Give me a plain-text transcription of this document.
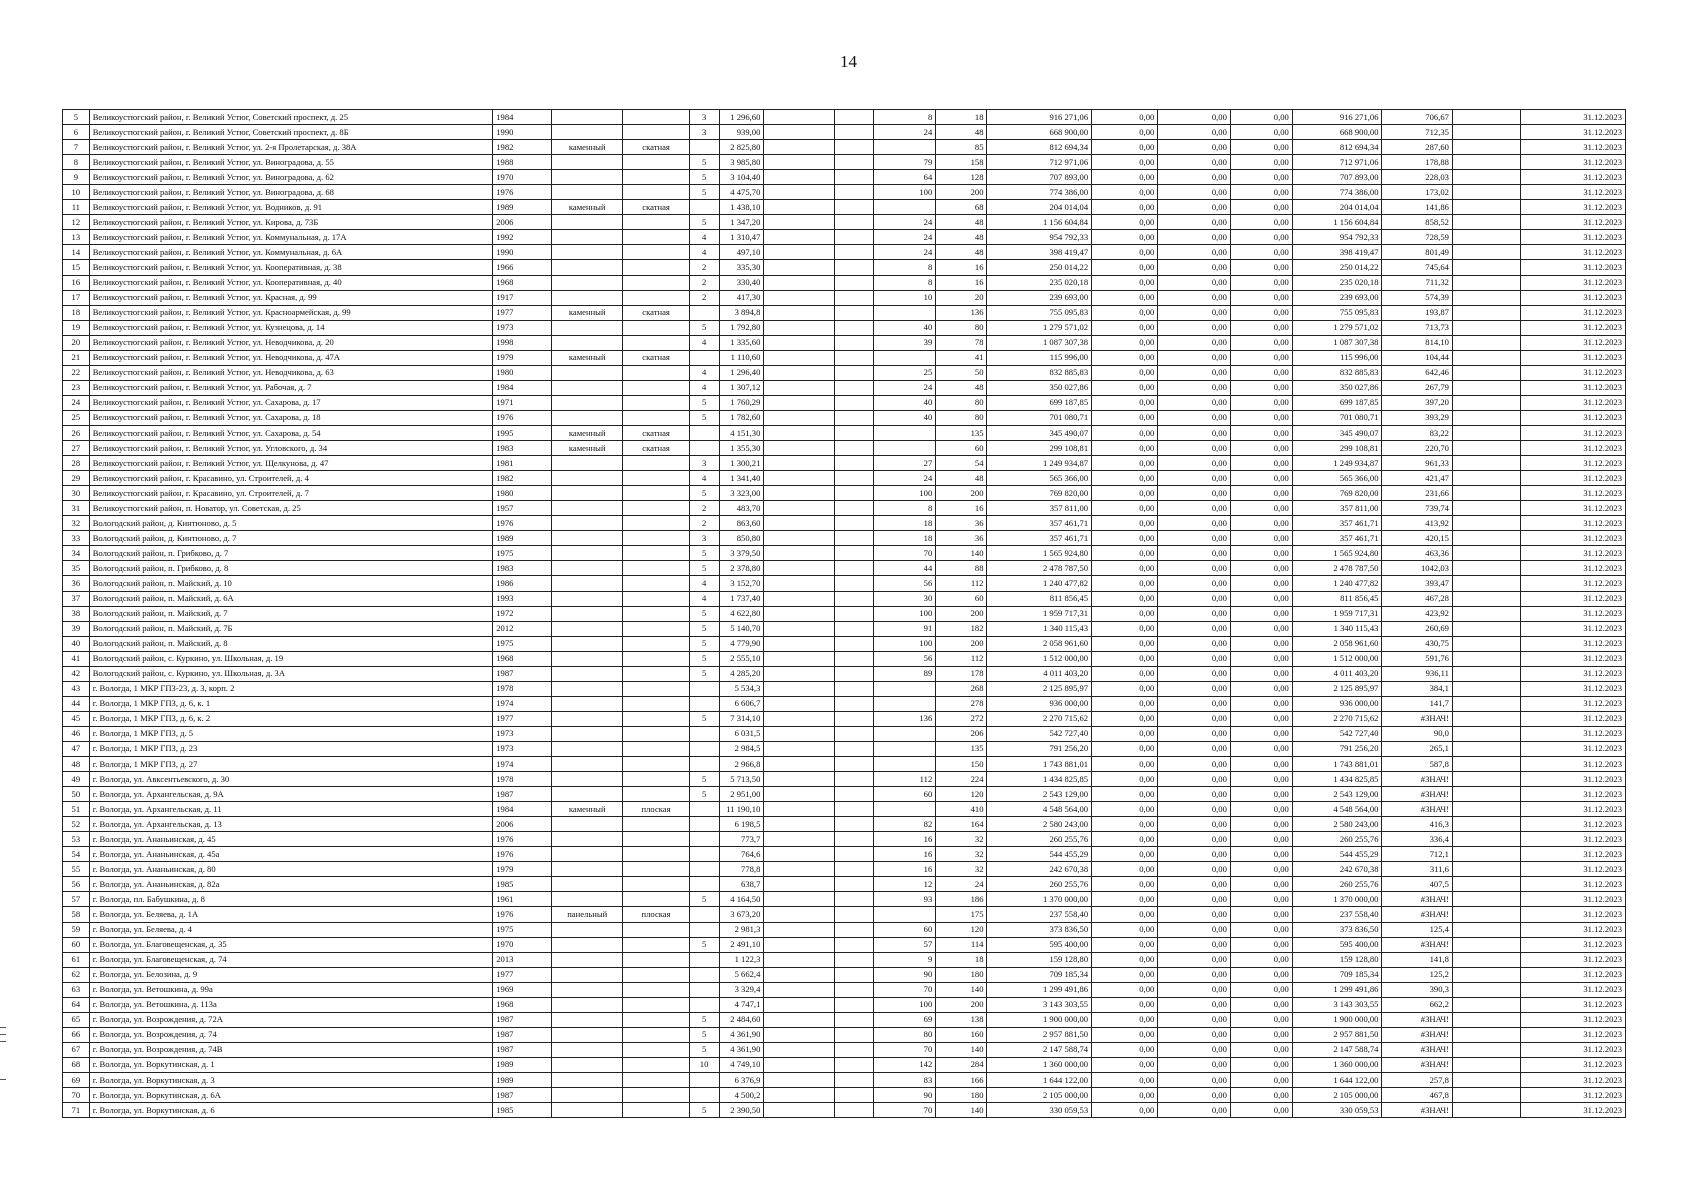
14
5	Великоустюгский район, г. Великий Устюг, Советский проспект, д. 25	1984			3	1 296,60			8	18	916 271,06	0,00	0,00	0,00	916 271,06	706,67		31.12.2023
6	Великоустюгский район, г. Великий Устюг, Советский проспект, д. 8Б	1990			3	939,00			24	48	668 900,00	0,00	0,00	0,00	668 900,00	712,35		31.12.2023
7	Великоустюгский район, г. Великий Устюг, ул. 2-я Пролетарская, д. 38А	1982	каменный	скатная		2 825,80				85	812 694,34	0,00	0,00	0,00	812 694,34	287,60		31.12.2023
8	Великоустюгский район, г. Великий Устюг, ул. Виноградова, д. 55	1988			5	3 985,80			79	158	712 971,06	0,00	0,00	0,00	712 971,06	178,88		31.12.2023
9	Великоустюгский район, г. Великий Устюг, ул. Виноградова, д. 62	1970			5	3 104,40			64	128	707 893,00	0,00	0,00	0,00	707 893,00	228,03		31.12.2023
10	Великоустюгский район, г. Великий Устюг, ул. Виноградова, д. 68	1976			5	4 475,70			100	200	774 386,00	0,00	0,00	0,00	774 386,00	173,02		31.12.2023
11	Великоустюгский район, г. Великий Устюг, ул. Водников, д. 91	1989	каменный	скатная		1 438,10				68	204 014,04	0,00	0,00	0,00	204 014,04	141,86		31.12.2023
12	Великоустюгский район, г. Великий Устюг, ул. Кирова, д. 73Б	2006			5	1 347,20			24	48	1 156 604,84	0,00	0,00	0,00	1 156 604,84	858,52		31.12.2023
13	Великоустюгский район, г. Великий Устюг, ул. Коммунальная, д. 17А	1992			4	1 310,47			24	48	954 792,33	0,00	0,00	0,00	954 792,33	728,59		31.12.2023
14	Великоустюгский район, г. Великий Устюг, ул. Коммунальная, д. 6А	1990			4	497,10			24	48	398 419,47	0,00	0,00	0,00	398 419,47	801,49		31.12.2023
15	Великоустюгский район, г. Великий Устюг, ул. Кооперативная, д. 38	1966			2	335,30			8	16	250 014,22	0,00	0,00	0,00	250 014,22	745,64		31.12.2023
16	Великоустюгский район, г. Великий Устюг, ул. Кооперативная, д. 40	1968			2	330,40			8	16	235 020,18	0,00	0,00	0,00	235 020,18	711,32		31.12.2023
17	Великоустюгский район, г. Великий Устюг, ул. Красная, д. 99	1917			2	417,30			10	20	239 693,00	0,00	0,00	0,00	239 693,00	574,39		31.12.2023
18	Великоустюгский район, г. Великий Устюг, ул. Красноармейская, д. 99	1977	каменный	скатная		3 894,8				136	755 095,83	0,00	0,00	0,00	755 095,83	193,87		31.12.2023
19	Великоустюгский район, г. Великий Устюг, ул. Кузнецова, д. 14	1973			5	1 792,80			40	80	1 279 571,02	0,00	0,00	0,00	1 279 571,02	713,73		31.12.2023
20	Великоустюгский район, г. Великий Устюг, ул. Неводчикова, д. 20	1998			4	1 335,60			39	78	1 087 307,38	0,00	0,00	0,00	1 087 307,38	814,10		31.12.2023
21	Великоустюгский район, г. Великий Устюг, ул. Неводчикова, д. 47А	1979	каменный	скатная		1 110,60				41	115 996,00	0,00	0,00	0,00	115 996,00	104,44		31.12.2023
22	Великоустюгский район, г. Великий Устюг, ул. Неводчикова, д. 63	1980			4	1 296,40			25	50	832 885,83	0,00	0,00	0,00	832 885,83	642,46		31.12.2023
23	Великоустюгский район, г. Великий Устюг, ул. Рабочая, д. 7	1984			4	1 307,12			24	48	350 027,86	0,00	0,00	0,00	350 027,86	267,79		31.12.2023
24	Великоустюгский район, г. Великий Устюг, ул. Сахарова, д. 17	1971			5	1 760,29			40	80	699 187,85	0,00	0,00	0,00	699 187,85	397,20		31.12.2023
25	Великоустюгский район, г. Великий Устюг, ул. Сахарова, д. 18	1976			5	1 782,60			40	80	701 080,71	0,00	0,00	0,00	701 080,71	393,29		31.12.2023
26	Великоустюгский район, г. Великий Устюг, ул. Сахарова, д. 54	1995	каменный	скатная		4 151,30				135	345 490,07	0,00	0,00	0,00	345 490,07	83,22		31.12.2023
27	Великоустюгский район, г. Великий Устюг, ул. Угловского, д. 34	1983	каменный	скатная		1 355,30				60	299 108,81	0,00	0,00	0,00	299 108,81	220,70		31.12.2023
28	Великоустюгский район, г. Великий Устюг, ул. Щелкунова, д. 47	1981			3	1 300,21			27	54	1 249 934,87	0,00	0,00	0,00	1 249 934,87	961,33		31.12.2023
29	Великоустюгский район, г. Красавино, ул. Строителей, д. 4	1982			4	1 341,40			24	48	565 366,00	0,00	0,00	0,00	565 366,00	421,47		31.12.2023
30	Великоустюгский район, г. Красавино, ул. Строителей, д. 7	1980			5	3 323,00			100	200	769 820,00	0,00	0,00	0,00	769 820,00	231,66		31.12.2023
31	Великоустюгский район, п. Новатор, ул. Советская, д. 25	1957			2	483,70			8	16	357 811,00	0,00	0,00	0,00	357 811,00	739,74		31.12.2023
32	Вологодский район, д. Кинтюново, д. 5	1976			2	863,60			18	36	357 461,71	0,00	0,00	0,00	357 461,71	413,92		31.12.2023
33	Вологодский район, д. Кинтюново, д. 7	1989			3	850,80			18	36	357 461,71	0,00	0,00	0,00	357 461,71	420,15		31.12.2023
34	Вологодский район, п. Грибково, д. 7	1975			5	3 379,50			70	140	1 565 924,80	0,00	0,00	0,00	1 565 924,80	463,36		31.12.2023
35	Вологодский район, п. Грибково, д. 8	1983			5	2 378,80			44	88	2 478 787,50	0,00	0,00	0,00	2 478 787,50	1042,03		31.12.2023
36	Вологодский район, п. Майский, д. 10	1986			4	3 152,70			56	112	1 240 477,82	0,00	0,00	0,00	1 240 477,82	393,47		31.12.2023
37	Вологодский район, п. Майский, д. 6А	1993			4	1 737,40			30	60	811 856,45	0,00	0,00	0,00	811 856,45	467,28		31.12.2023
38	Вологодский район, п. Майский, д. 7	1972			5	4 622,80			100	200	1 959 717,31	0,00	0,00	0,00	1 959 717,31	423,92		31.12.2023
39	Вологодский район, п. Майский, д. 7Б	2012			5	5 140,70			91	182	1 340 115,43	0,00	0,00	0,00	1 340 115,43	260,69		31.12.2023
40	Вологодский район, п. Майский, д. 8	1975			5	4 779,90			100	200	2 058 961,60	0,00	0,00	0,00	2 058 961,60	430,75		31.12.2023
41	Вологодский район, с. Куркино, ул. Школьная, д. 19	1968			5	2 555,10			56	112	1 512 000,00	0,00	0,00	0,00	1 512 000,00	591,76		31.12.2023
42	Вологодский район, с. Куркино, ул. Школьная, д. 3А	1987			5	4 285,20			89	178	4 011 403,20	0,00	0,00	0,00	4 011 403,20	936,11		31.12.2023
43	г. Вологда, 1 МКР ГПЗ-23, д. 3, корп. 2	1978				5 534,3				268	2 125 895,97	0,00	0,00	0,00	2 125 895,97	384,1		31.12.2023
44	г. Вологда, 1 МКР ГПЗ, д. 6, к. 1	1974				6 606,7				278	936 000,00	0,00	0,00	0,00	936 000,00	141,7		31.12.2023
45	г. Вологда, 1 МКР ГПЗ, д. 6, к. 2	1977			5	7 314,10			136	272	2 270 715,62	0,00	0,00	0,00	2 270 715,62	#ЗНАЧ!		31.12.2023
46	г. Вологда, 1 МКР ГПЗ, д. 5	1973				6 031,5				206	542 727,40	0,00	0,00	0,00	542 727,40	90,0		31.12.2023
47	г. Вологда, 1 МКР ГПЗ, д. 23	1973				2 984,5				135	791 256,20	0,00	0,00	0,00	791 256,20	265,1		31.12.2023
48	г. Вологда, 1 МКР ГПЗ, д. 27	1974				2 966,8				150	1 743 881,01	0,00	0,00	0,00	1 743 881,01	587,8		31.12.2023
49	г. Вологда, ул. Авксентьевского, д. 30	1978			5	5 713,50			112	224	1 434 825,85	0,00	0,00	0,00	1 434 825,85	#ЗНАЧ!		31.12.2023
50	г. Вологда, ул. Архангельская, д. 9А	1987			5	2 951,00			60	120	2 543 129,00	0,00	0,00	0,00	2 543 129,00	#ЗНАЧ!		31.12.2023
51	г. Вологда, ул. Архангельская, д. 11	1984	каменный	плоская		11 190,10				410	4 548 564,00	0,00	0,00	0,00	4 548 564,00	#ЗНАЧ!		31.12.2023
52	г. Вологда, ул. Архангельская, д. 13	2006				6 198,5			82	164	2 580 243,00	0,00	0,00	0,00	2 580 243,00	416,3		31.12.2023
53	г. Вологда, ул. Ананьинская, д. 45	1976				773,7			16	32	260 255,76	0,00	0,00	0,00	260 255,76	336,4		31.12.2023
54	г. Вологда, ул. Ананьинская, д. 45а	1976				764,6			16	32	544 455,29	0,00	0,00	0,00	544 455,29	712,1		31.12.2023
55	г. Вологда, ул. Ананьинская, д. 80	1979				778,8			16	32	242 670,38	0,00	0,00	0,00	242 670,38	311,6		31.12.2023
56	г. Вологда, ул. Ананьинская, д. 82а	1985				638,7			12	24	260 255,76	0,00	0,00	0,00	260 255,76	407,5		31.12.2023
57	г. Вологда, пл. Бабушкина, д. 8	1961			5	4 164,50			93	186	1 370 000,00	0,00	0,00	0,00	1 370 000,00	#ЗНАЧ!		31.12.2023
58	г. Вологда, ул. Беляева, д. 1А	1976	панельный	плоская		3 673,20				175	237 558,40	0,00	0,00	0,00	237 558,40	#ЗНАЧ!		31.12.2023
59	г. Вологда, ул. Беляева, д. 4	1975				2 981,3			60	120	373 836,50	0,00	0,00	0,00	373 836,50	125,4		31.12.2023
60	г. Вологда, ул. Благовещенская, д. 35	1970			5	2 491,10			57	114	595 400,00	0,00	0,00	0,00	595 400,00	#ЗНАЧ!		31.12.2023
61	г. Вологда, ул. Благовещенская, д. 74	2013				1 122,3			9	18	159 128,80	0,00	0,00	0,00	159 128,80	141,8		31.12.2023
62	г. Вологда, ул. Белозина, д. 9	1977				5 662,4			90	180	709 185,34	0,00	0,00	0,00	709 185,34	125,2		31.12.2023
63	г. Вологда, ул. Ветошкина, д. 99а	1969				3 329,4			70	140	1 299 491,86	0,00	0,00	0,00	1 299 491,86	390,3		31.12.2023
64	г. Вологда, ул. Ветошкина, д. 113а	1968				4 747,1			100	200	3 143 303,55	0,00	0,00	0,00	3 143 303,55	662,2		31.12.2023
65	г. Вологда, ул. Возрождения, д. 72А	1987			5	2 484,60			69	138	1 900 000,00	0,00	0,00	0,00	1 900 000,00	#ЗНАЧ!		31.12.2023
66	г. Вологда, ул. Возрождения, д. 74	1987			5	4 361,90			80	160	2 957 881,50	0,00	0,00	0,00	2 957 881,50	#ЗНАЧ!		31.12.2023
67	г. Вологда, ул. Возрождения, д. 74В	1987			5	4 361,90			70	140	2 147 588,74	0,00	0,00	0,00	2 147 588,74	#ЗНАЧ!		31.12.2023
68	г. Вологда, ул. Воркутинская, д. 1	1989			10	4 749,10			142	284	1 360 000,00	0,00	0,00	0,00	1 360 000,00	#ЗНАЧ!		31.12.2023
69	г. Вологда, ул. Воркутинская, д. 3	1989				6 376,9			83	166	1 644 122,00	0,00	0,00	0,00	1 644 122,00	257,8		31.12.2023
70	г. Вологда, ул. Воркутинская, д. 6А	1987				4 500,2			90	180	2 105 000,00	0,00	0,00	0,00	2 105 000,00	467,8		31.12.2023
71	г. Вологда, ул. Воркутинская, д. 6	1985			5	2 390,50			70	140	330 059,53	0,00	0,00	0,00	330 059,53	#ЗНАЧ!		31.12.2023
